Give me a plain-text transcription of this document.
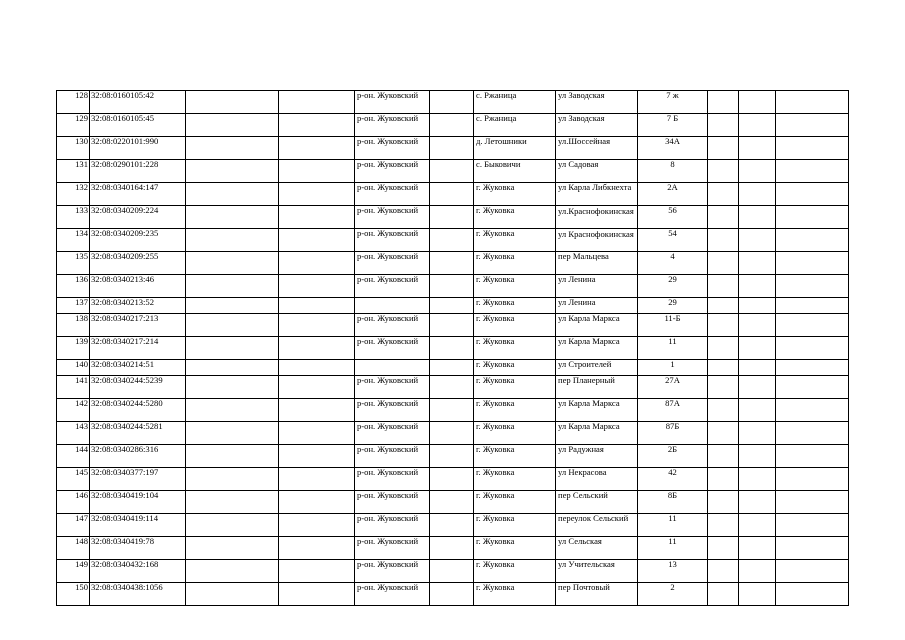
128	32:08:0160105:42			р-он. Жуковский		с. Ржаница	ул Заводская	7 ж			
129	32:08:0160105:45			р-он. Жуковский		с. Ржаница	ул Заводская	7 Б			
130	32:08:0220101:990			р-он. Жуковский		д. Летошники	ул.Шоссейная	34А			
131	32:08:0290101:228			р-он. Жуковский		с. Быковичи	ул Садовая	8			
132	32:08:0340164:147			р-он. Жуковский		г. Жуковка	ул Карла Либкнехта	2А			
133	32:08:0340209:224			р-он. Жуковский		г. Жуковка	ул.Краснофокинская	56			
134	32:08:0340209:235			р-он. Жуковский		г. Жуковка	ул Краснофокинская	54			
135	32:08:0340209:255			р-он. Жуковский		г. Жуковка	пер Мальцева	4			
136	32:08:0340213:46			р-он. Жуковский		г. Жуковка	ул Ленина	29			
137	32:08:0340213:52					г. Жуковка	ул Ленина	29			
138	32:08:0340217:213			р-он. Жуковский		г. Жуковка	ул Карла Маркса	11-Б			
139	32:08:0340217:214			р-он. Жуковский		г. Жуковка	ул Карла Маркса	11			
140	32:08:0340214:51					г. Жуковка	ул Строителей	1			
141	32:08:0340244:5239			р-он. Жуковский		г. Жуковка	пер Планерный	27А			
142	32:08:0340244:5280			р-он. Жуковский		г. Жуковка	ул Карла Маркса	87А			
143	32:08:0340244:5281			р-он. Жуковский		г. Жуковка	ул Карла Маркса	87Б			
144	32:08:0340286:316			р-он. Жуковский		г. Жуковка	ул Радужная	2Б			
145	32:08:0340377:197			р-он. Жуковский		г. Жуковка	ул Некрасова	42			
146	32:08:0340419:104			р-он. Жуковский		г. Жуковка	пер Сельский	8Б			
147	32:08:0340419:114			р-он. Жуковский		г. Жуковка	переулок Сельский	11			
148	32:08:0340419:78			р-он. Жуковский		г. Жуковка	ул Сельская	11			
149	32:08:0340432:168			р-он. Жуковский		г. Жуковка	ул Учительская	13			
150	32:08:0340438:1056			р-он. Жуковский		г. Жуковка	пер Почтовый	2			
